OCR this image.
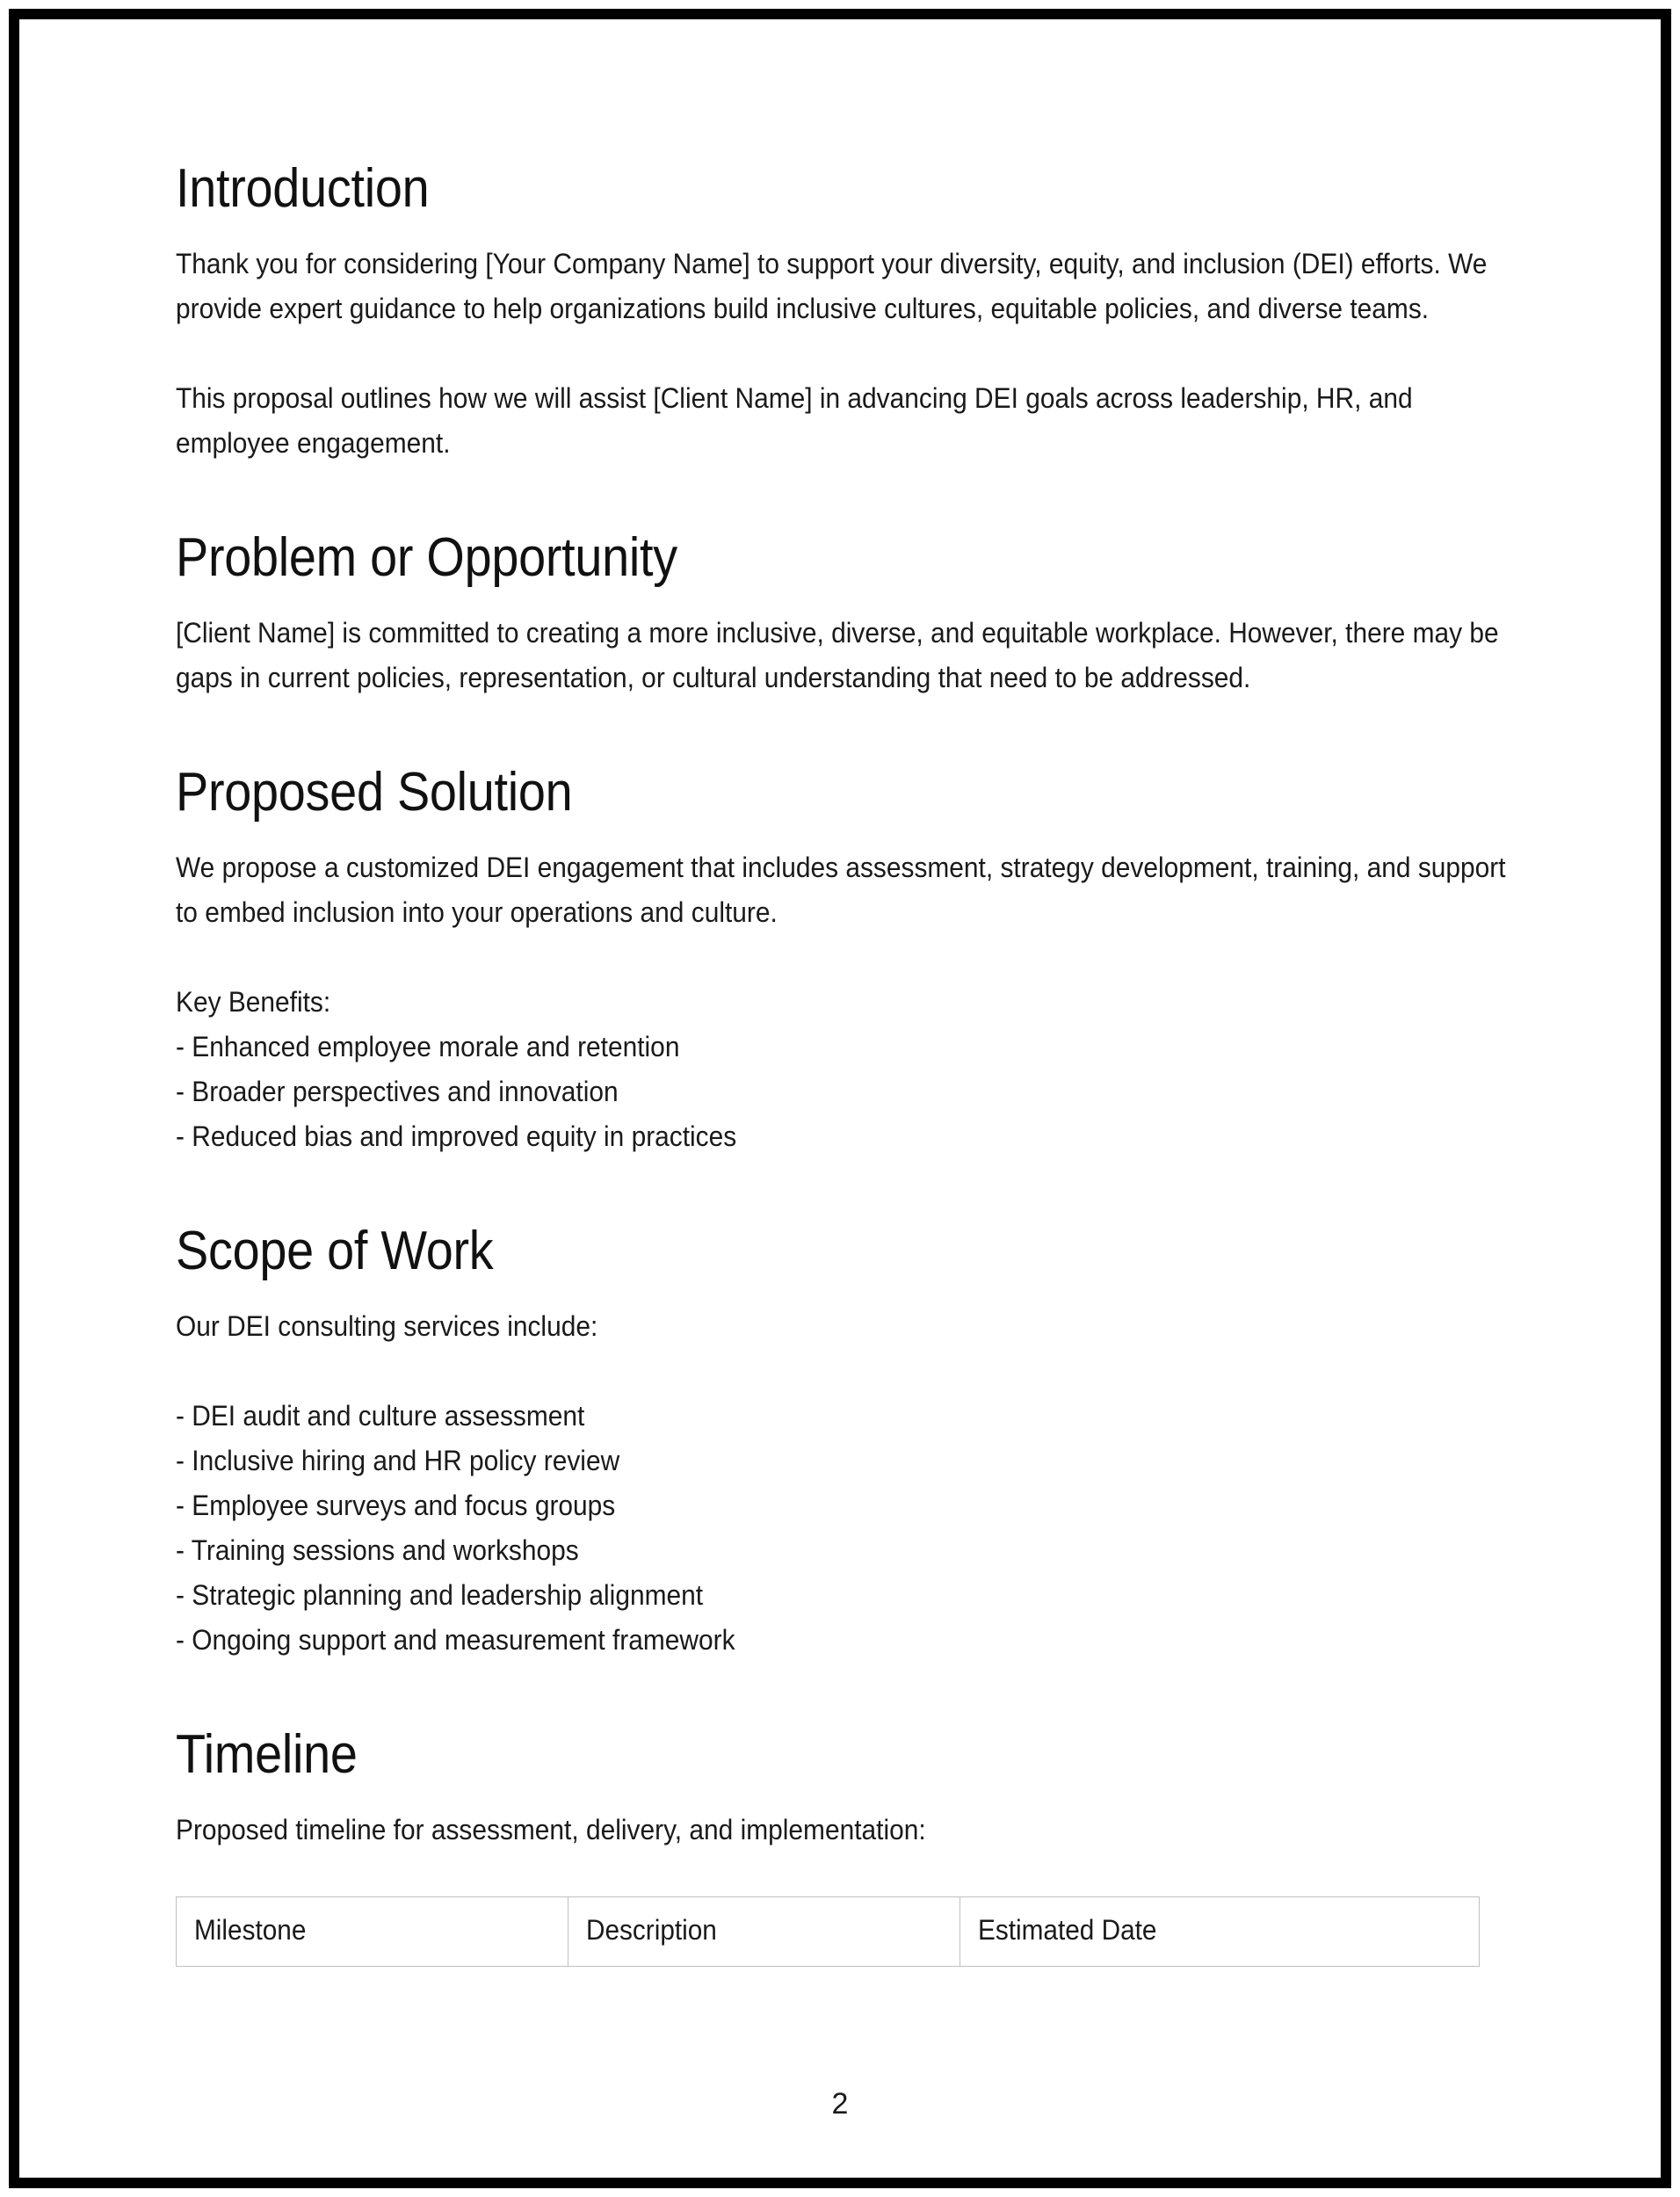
Introduction

Thank you for considering [Your Company Name] to support your diversity, equity, and inclusion (DEI) efforts. We provide expert guidance to help organizations build inclusive cultures, equitable policies, and diverse teams.

This proposal outlines how we will assist [Client Name] in advancing DEI goals across leadership, HR, and employee engagement.

Problem or Opportunity

[Client Name] is committed to creating a more inclusive, diverse, and equitable workplace. However, there may be gaps in current policies, representation, or cultural understanding that need to be addressed.

Proposed Solution

We propose a customized DEI engagement that includes assessment, strategy development, training, and support to embed inclusion into your operations and culture.

Key Benefits:
- Enhanced employee morale and retention
- Broader perspectives and innovation
- Reduced bias and improved equity in practices
Scope of Work

Our DEI consulting services include:

- DEI audit and culture assessment
- Inclusive hiring and HR policy review
- Employee surveys and focus groups
- Training sessions and workshops
- Strategic planning and leadership alignment
- Ongoing support and measurement framework
Timeline

Proposed timeline for assessment, delivery, and implementation:

Milestone	Description	Estimated Date
2
